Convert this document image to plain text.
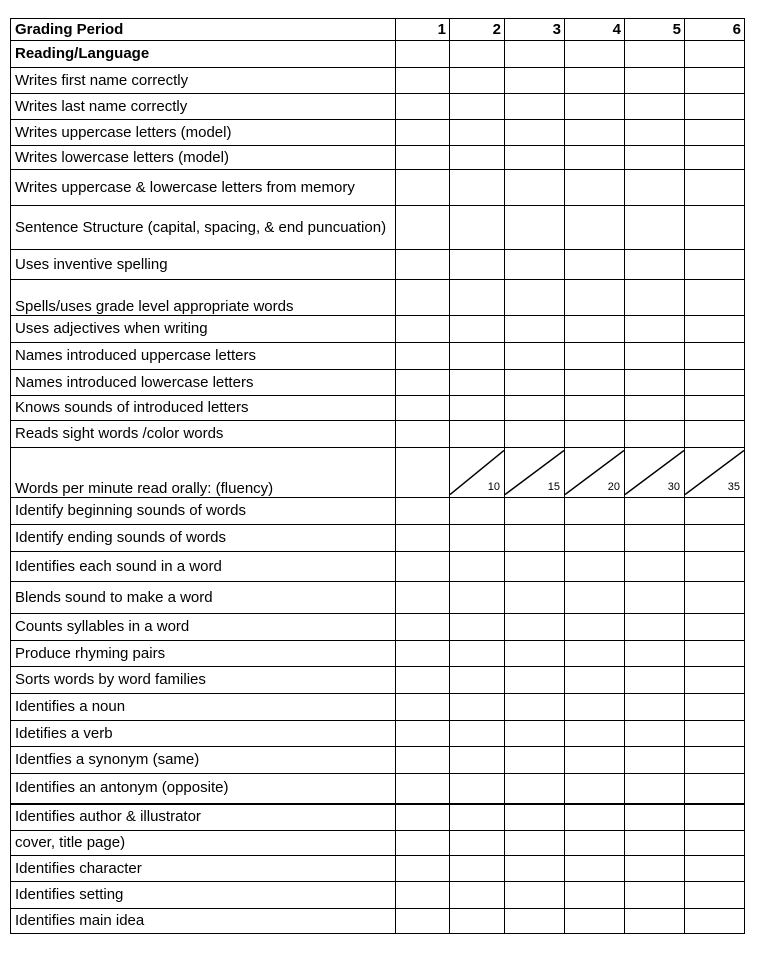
Grading Period	1	2	3	4	5	6
Reading/Language						
Writes first name correctly						
Writes last name correctly						
Writes uppercase letters (model)						
Writes lowercase letters (model)						
Writes uppercase & lowercase letters from memory						
Sentence Structure (capital, spacing, & end puncuation)						
Uses inventive spelling						
Spells/uses grade level appropriate words						
Uses adjectives when writing						
Names introduced uppercase letters						
Names introduced lowercase letters						
Knows sounds of introduced letters						
Reads sight words /color words						
Words per minute read orally: (fluency)		10	15	20	30	35

Identify beginning sounds of words						
Identify ending sounds of words						
Identifies each sound in a word						
Blends sound to make a word						
Counts syllables in a word						
Produce rhyming pairs						
Sorts words by word families						
Identifies a noun						
Idetifies a verb						
Identfies a synonym (same)						
Identifies an antonym (opposite)						
Identifies author & illustrator						

cover, title page)						

Identifies character						
Identifies setting						
Identifies main idea						
